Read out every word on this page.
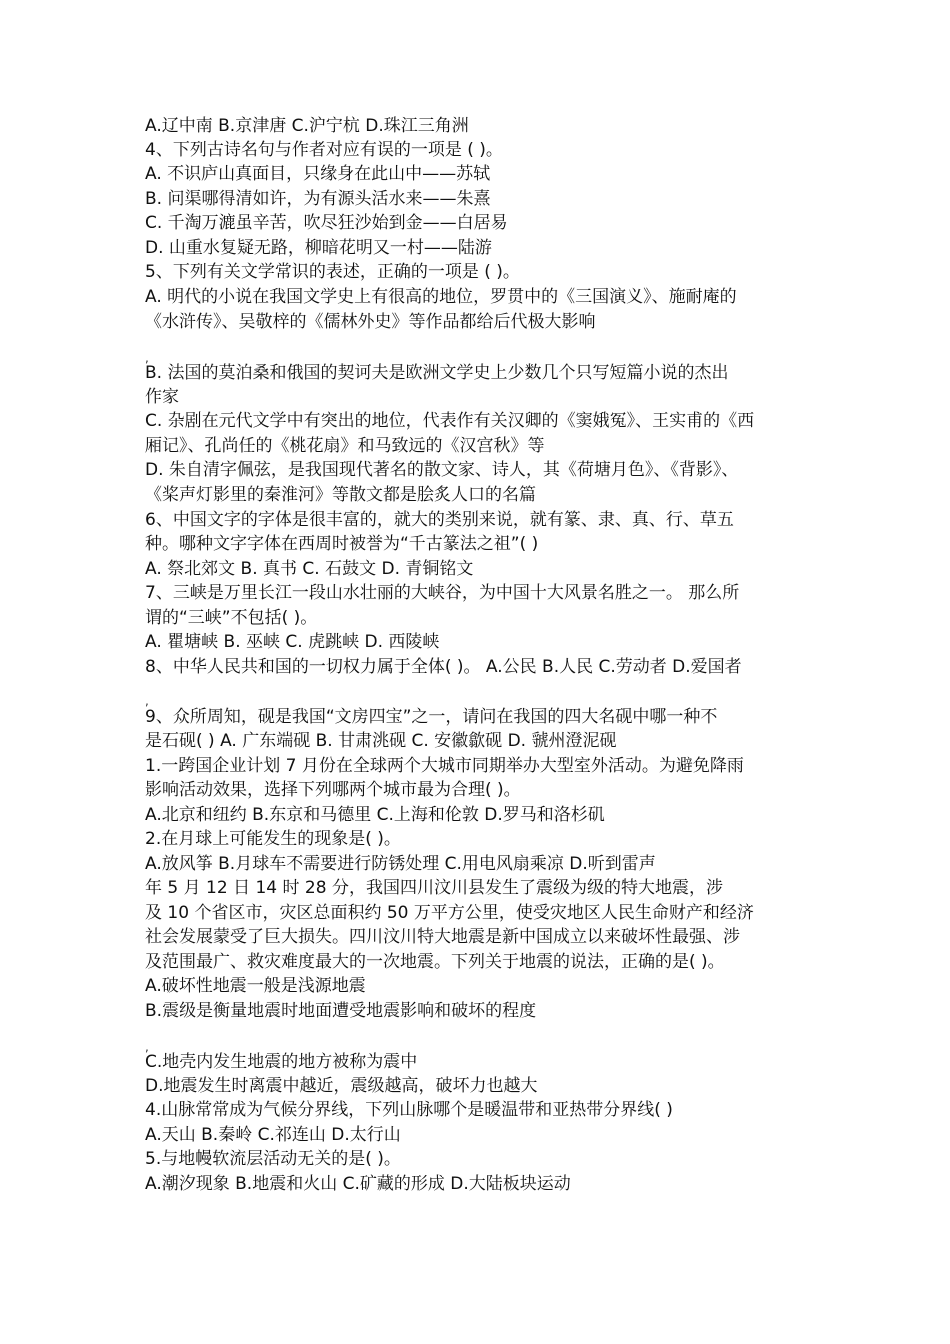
A.辽中南 B.京津唐 C.沪宁杭 D.珠江三角洲
4、下列古诗名句与作者对应有误的一项是 ( )。
A. 不识庐山真面目，只缘身在此山中——苏轼
B. 问渠哪得清如许，为有源头活水来——朱熹
C. 千淘万漉虽辛苦，吹尽狂沙始到金——白居易
D. 山重水复疑无路，柳暗花明又一村——陆游
5、下列有关文学常识的表述，正确的一项是 ( )。
A. 明代的小说在我国文学史上有很高的地位，罗贯中的《三国演义》、施耐庵的
《水浒传》、吴敬梓的《儒林外史》等作品都给后代极大影响
,
B. 法国的莫泊桑和俄国的契诃夫是欧洲文学史上少数几个只写短篇小说的杰出
作家
C. 杂剧在元代文学中有突出的地位，代表作有关汉卿的《窦娥冤》、王实甫的《西
厢记》、孔尚任的《桃花扇》和马致远的《汉宫秋》等
D. 朱自清字佩弦，是我国现代著名的散文家、诗人，其《荷塘月色》、《背影》、
《桨声灯影里的秦淮河》等散文都是脍炙人口的名篇
6、中国文字的字体是很丰富的，就大的类别来说，就有篆、隶、真、行、草五
种。哪种文字字体在西周时被誉为“千古篆法之祖”( )
A. 祭北郊文 B. 真书 C. 石鼓文 D. 青铜铭文
7、三峡是万里长江一段山水壮丽的大峡谷，为中国十大风景名胜之一。 那么所
谓的“三峡”不包括( )。
A. 瞿塘峡 B. 巫峡 C. 虎跳峡 D. 西陵峡
8、中华人民共和国的一切权力属于全体( )。 A.公民 B.人民 C.劳动者 D.爱国者
,
9、众所周知，砚是我国“文房四宝”之一，请问在我国的四大名砚中哪一种不
是石砚( ) A. 广东端砚 B. 甘肃洮砚 C. 安徽歙砚 D. 虢州澄泥砚
1.一跨国企业计划 7 月份在全球两个大城市同期举办大型室外活动。为避免降雨
影响活动效果，选择下列哪两个城市最为合理( )。
A.北京和纽约 B.东京和马德里 C.上海和伦敦 D.罗马和洛杉矶
2.在月球上可能发生的现象是( )。
A.放风筝 B.月球车不需要进行防锈处理 C.用电风扇乘凉 D.听到雷声
年 5 月 12 日 14 时 28 分，我国四川汶川县发生了震级为级的特大地震，涉
及 10 个省区市，灾区总面积约 50 万平方公里，使受灾地区人民生命财产和经济
社会发展蒙受了巨大损失。四川汶川特大地震是新中国成立以来破坏性最强、涉
及范围最广、救灾难度最大的一次地震。下列关于地震的说法，正确的是( )。
A.破坏性地震一般是浅源地震
B.震级是衡量地震时地面遭受地震影响和破坏的程度
,
C.地壳内发生地震的地方被称为震中
D.地震发生时离震中越近，震级越高，破坏力也越大
4.山脉常常成为气候分界线，下列山脉哪个是暖温带和亚热带分界线( )
A.天山 B.秦岭 C.祁连山 D.太行山
5.与地幔软流层活动无关的是( )。
A.潮汐现象 B.地震和火山 C.矿藏的形成 D.大陆板块运动
